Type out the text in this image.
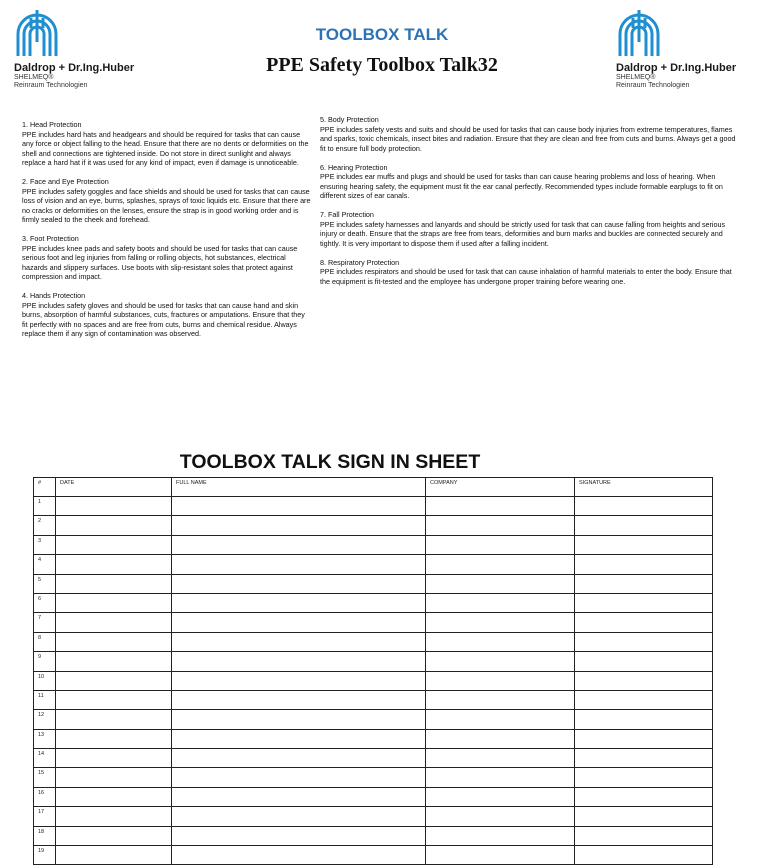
Daldrop + Dr.Ing.Huber
SHELMEQ®
Reinraum Technologien
Daldrop + Dr.Ing.Huber
SHELMEQ®
Reinraum Technologien
TOOLBOX TALK
PPE Safety Toolbox Talk32
1. Head Protection

PPE includes hard hats and headgears and should be required for tasks that can cause any force or object falling to the head. Ensure that there are no dents or deformities on the shell and connections are tightened inside. Do not store in direct sunlight and always replace a hard hat if it was used for any kind of impact, even if damage is unnoticeable.

2. Face and Eye Protection

PPE includes safety goggles and face shields and should be used for tasks that can cause loss of vision and an eye, burns, splashes, sprays of toxic liquids etc. Ensure that there are no cracks or deformities on the lenses, ensure the strap is in good working order and is firmly sealed to the cheek and forehead.

3. Foot Protection

PPE includes knee pads and safety boots and should be used for tasks that can cause serious foot and leg injuries from falling or rolling objects, hot substances, electrical hazards and slippery surfaces. Use boots with slip-resistant soles that protect against compression and impact.

4. Hands Protection

PPE includes safety gloves and should be used for tasks that can cause hand and skin burns, absorption of harmful substances, cuts, fractures or amputations. Ensure that they fit perfectly with no spaces and are free from cuts, burns and chemical residue. Always replace them if any sign of contamination was observed.

5. Body Protection

PPE includes safety vests and suits and should be used for tasks that can cause body injuries from extreme temperatures, flames and sparks, toxic chemicals, insect bites and radiation. Ensure that they are clean and free from cuts and burns. Always get a good fit to ensure full body protection.

6. Hearing Protection

PPE includes ear muffs and plugs and should be used for tasks than can cause hearing problems and loss of hearing. When ensuring hearing safety, the equipment must fit the ear canal perfectly. Recommended types include formable earplugs to fit on different sizes of ear canals.

7. Fall Protection

PPE includes safety harnesses and lanyards and should be strictly used for task that can cause falling from heights and serious injury or death. Ensure that the straps are free from tears, deformities and burn marks and buckles are connected securely and tightly. It is very important to dispose them if used after a falling incident.

8. Respiratory Protection

PPE includes respirators and should be used for task that can cause inhalation of harmful materials to enter the body. Ensure that the equipment is fit-tested and the employee has undergone proper training before wearing one.

TOOLBOX TALK SIGN IN SHEET
#	DATE	FULL NAME	COMPANY	SIGNATURE
1				
2				
3				
4				
5				
6				
7				
8				
9				
10				
11				
12				
13				
14				
15				
16				
17				
18				
19				
